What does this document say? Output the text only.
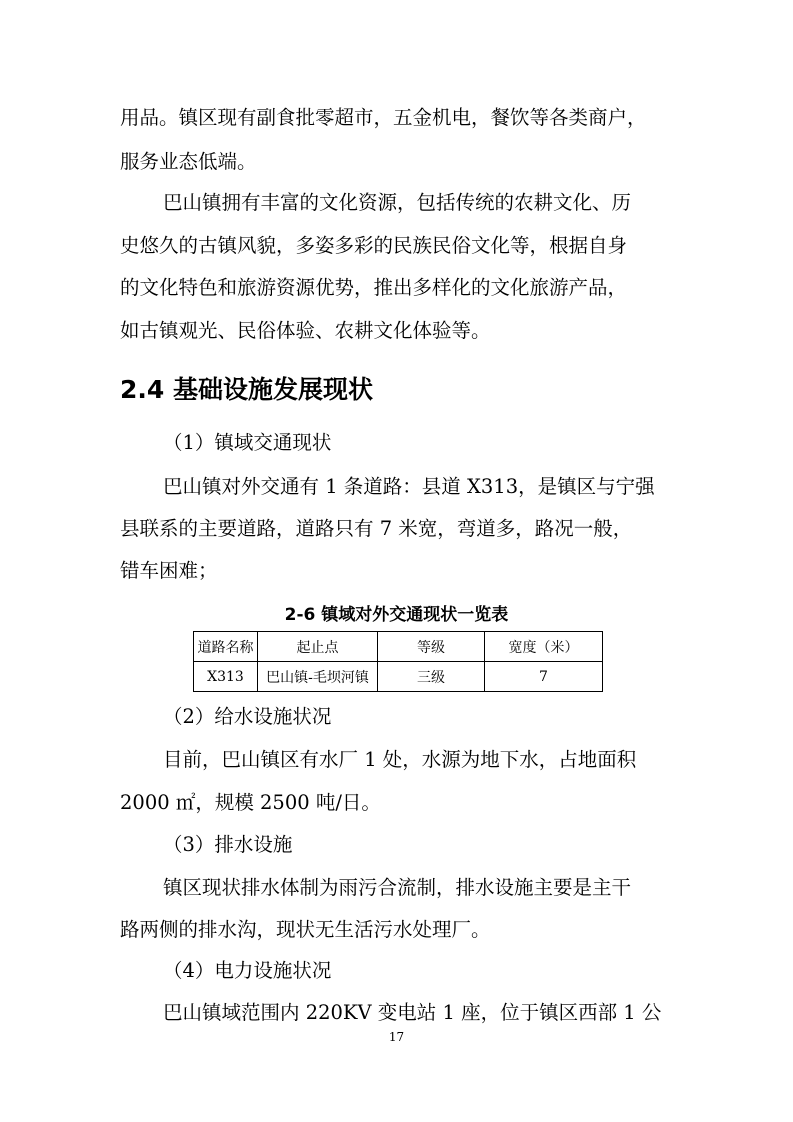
用品。镇区现有副食批零超市，五金机电，餐饮等各类商户，
服务业态低端。
巴山镇拥有丰富的文化资源，包括传统的农耕文化、历
史悠久的古镇风貌，多姿多彩的民族民俗文化等，根据自身
的文化特色和旅游资源优势，推出多样化的文化旅游产品，
如古镇观光、民俗体验、农耕文化体验等。
2.4 基础设施发展现状
（1）镇域交通现状
巴山镇对外交通有 1 条道路：县道 X313，是镇区与宁强
县联系的主要道路，道路只有 7 米宽，弯道多，路况一般，
错车困难；
2-6 镇域对外交通现状一览表
道路名称	起止点	等级	宽度（米）
X313	巴山镇-毛坝河镇	三级	7
（2）给水设施状况
目前，巴山镇区有水厂 1 处，水源为地下水，占地面积
2000 ㎡，规模 2500 吨/日。
（3）排水设施
镇区现状排水体制为雨污合流制，排水设施主要是主干
路两侧的排水沟，现状无生活污水处理厂。
（4）电力设施状况
巴山镇域范围内 220KV 变电站 1 座，位于镇区西部 1 公
17
